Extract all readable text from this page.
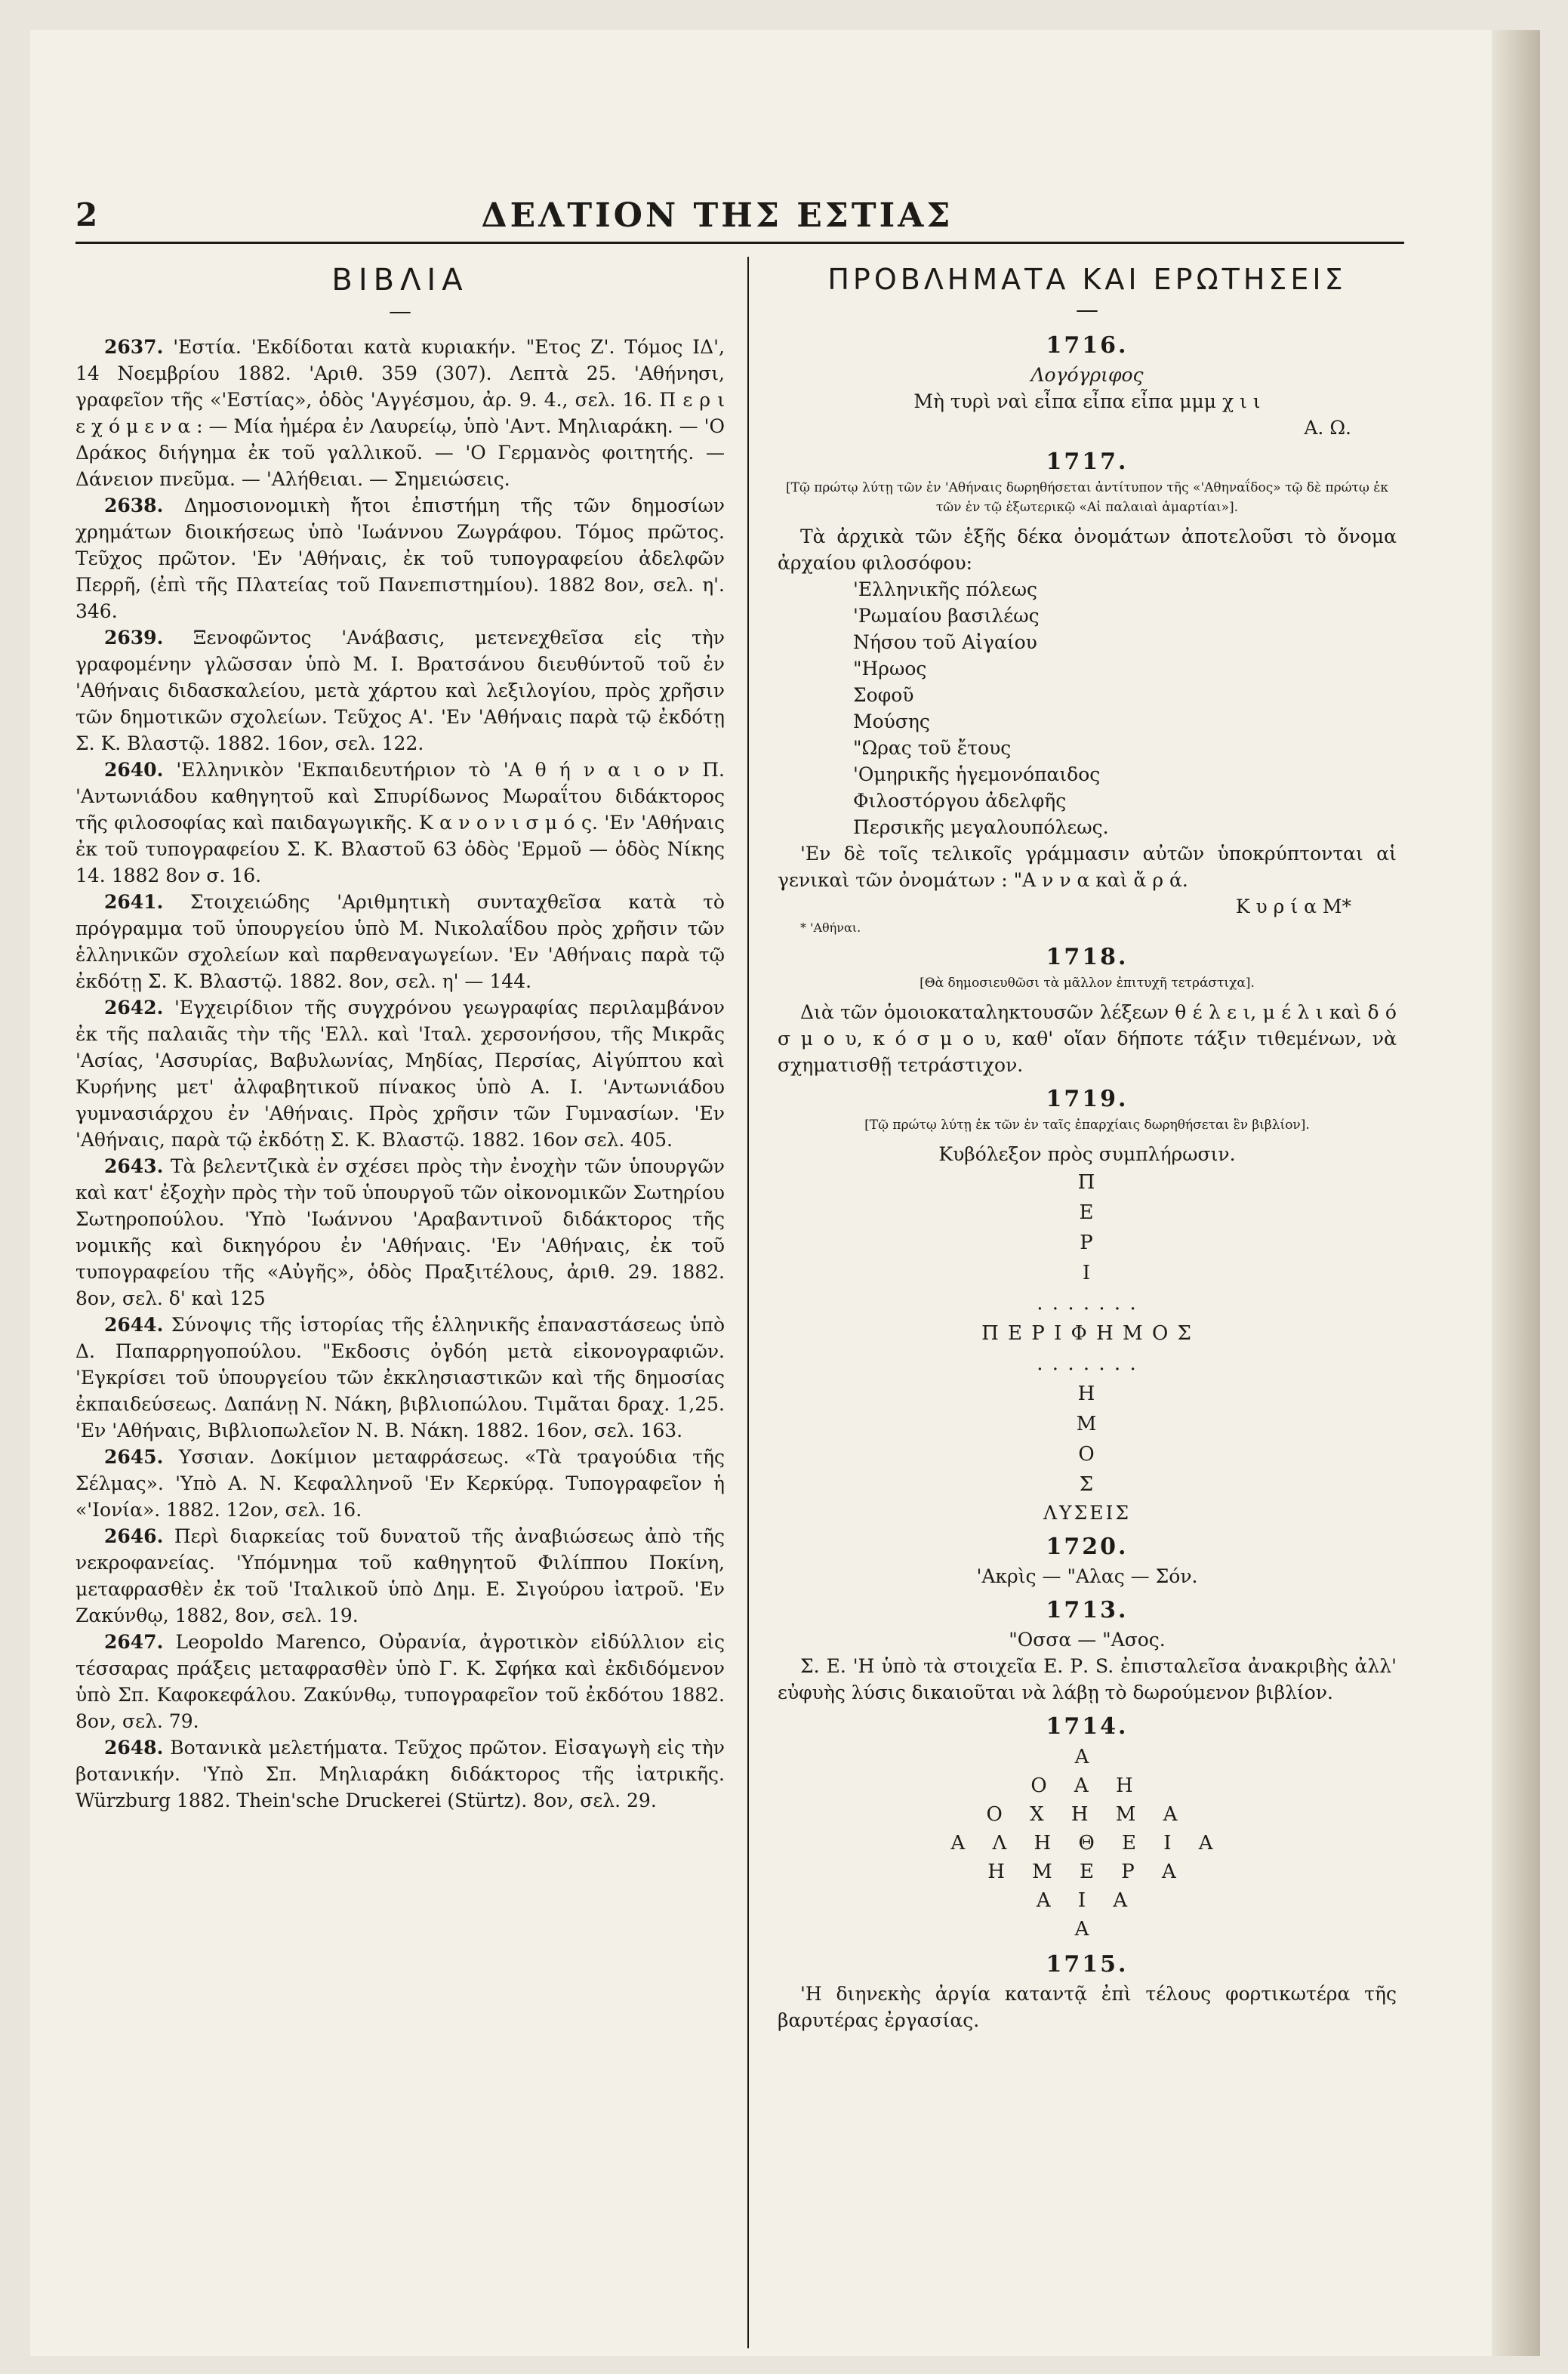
2	ΔΕΛΤΙΟΝ ΤΗΣ ΕΣΤΙΑΣ
ΒΙΒΛΙΑ
—

2637. 'Εστία. 'Εκδίδοται κατὰ κυριακήν. "Ετος Ζ'. Τόμος ΙΔ', 14 Νοεμβρίου 1882. 'Αριθ. 359 (307). Λεπτὰ 25. 'Αθήνησι, γραφεῖον τῆς «'Εστίας», ὁδὸς 'Αγγέσμου, ἀρ. 9. 4., σελ. 16. Π ε ρ ι ε χ ό μ ε ν α : — Μία ἡμέρα ἐν Λαυρείῳ, ὑπὸ 'Αντ. Μηλιαράκη. — 'Ο Δράκος διήγημα ἐκ τοῦ γαλλικοῦ. — 'Ο Γερμανὸς φοιτητής. — Δάνειον πνεῦμα. — 'Αλήθειαι. — Σημειώσεις.

2638. Δημοσιονομικὴ ἤτοι ἐπιστήμη τῆς τῶν δημοσίων χρημάτων διοικήσεως ὑπὸ 'Ιωάννου Ζωγράφου. Τόμος πρῶτος. Τεῦχος πρῶτον. 'Εν 'Αθήναις, ἐκ τοῦ τυπογραφείου ἀδελφῶν Περρῆ, (ἐπὶ τῆς Πλατείας τοῦ Πανεπιστημίου). 1882 8ον, σελ. η'. 346.

2639. Ξενοφῶντος 'Ανάβασις, μετενεχθεῖσα εἰς τὴν γραφομένην γλῶσσαν ὑπὸ Μ. Ι. Βρατσάνου διευθύντοῦ τοῦ ἐν 'Αθήναις διδασκαλείου, μετὰ χάρτου καὶ λεξιλογίου, πρὸς χρῆσιν τῶν δημοτικῶν σχολείων. Τεῦχος Α'. 'Εν 'Αθήναις παρὰ τῷ ἐκδότῃ Σ. Κ. Βλαστῷ. 1882. 16ον, σελ. 122.

2640. 'Ελληνικὸν 'Εκπαιδευτήριον τὸ 'Α θ ή ν α ι ο ν Π. 'Αντωνιάδου καθηγητοῦ καὶ Σπυρίδωνος Μωραΐτου διδάκτορος τῆς φιλοσοφίας καὶ παιδαγωγικῆς. Κ α ν ο ν ι σ μ ό ς. 'Εν 'Αθήναις ἐκ τοῦ τυπογραφείου Σ. Κ. Βλαστοῦ 63 ὁδὸς 'Ερμοῦ — ὁδὸς Νίκης 14. 1882 8ον σ. 16.

2641. Στοιχειώδης 'Αριθμητικὴ συνταχθεῖσα κατὰ τὸ πρόγραμμα τοῦ ὑπουργείου ὑπὸ Μ. Νικολαΐδου πρὸς χρῆσιν τῶν ἑλληνικῶν σχολείων καὶ παρθεναγωγείων. 'Εν 'Αθήναις παρὰ τῷ ἐκδότῃ Σ. Κ. Βλαστῷ. 1882. 8ον, σελ. η' — 144.

2642. 'Εγχειρίδιον τῆς συγχρόνου γεωγραφίας περιλαμβάνον ἐκ τῆς παλαιᾶς τὴν τῆς 'Ελλ. καὶ 'Ιταλ. χερσονήσου, τῆς Μικρᾶς 'Ασίας, 'Ασσυρίας, Βαβυλωνίας, Μηδίας, Περσίας, Αἰγύπτου καὶ Κυρήνης μετ' ἀλφαβητικοῦ πίνακος ὑπὸ Α. Ι. 'Αντωνιάδου γυμνασιάρχου ἐν 'Αθήναις. Πρὸς χρῆσιν τῶν Γυμνασίων. 'Εν 'Αθήναις, παρὰ τῷ ἐκδότῃ Σ. Κ. Βλαστῷ. 1882. 16ον σελ. 405.

2643. Τὰ βελεντζικὰ ἐν σχέσει πρὸς τὴν ἐνοχὴν τῶν ὑπουργῶν καὶ κατ' ἐξοχὴν πρὸς τὴν τοῦ ὑπουργοῦ τῶν οἰκονομικῶν Σωτηρίου Σωτηροπούλου. 'Υπὸ 'Ιωάννου 'Αραβαντινοῦ διδάκτορος τῆς νομικῆς καὶ δικηγόρου ἐν 'Αθήναις. 'Εν 'Αθήναις, ἐκ τοῦ τυπογραφείου τῆς «Αὐγῆς», ὁδὸς Πραξιτέλους, ἀριθ. 29. 1882. 8ον, σελ. δ' καὶ 125

2644. Σύνοψις τῆς ἱστορίας τῆς ἑλληνικῆς ἐπαναστάσεως ὑπὸ Δ. Παπαρρηγοπούλου. "Εκδοσις ὀγδόη μετὰ εἰκονογραφιῶν. 'Εγκρίσει τοῦ ὑπουργείου τῶν ἐκκλησιαστικῶν καὶ τῆς δημοσίας ἐκπαιδεύσεως. Δαπάνῃ Ν. Νάκη, βιβλιοπώλου. Τιμᾶται δραχ. 1,25. 'Εν 'Αθήναις, Βιβλιοπωλεῖον Ν. Β. Νάκη. 1882. 16ον, σελ. 163.

2645. Υσσιαν. Δοκίμιον μεταφράσεως. «Τὰ τραγούδια τῆς Σέλμας». 'Υπὸ Α. Ν. Κεφαλληνοῦ 'Εν Κερκύρᾳ. Τυπογραφεῖον ἡ «'Ιονία». 1882. 12ον, σελ. 16.

2646. Περὶ διαρκείας τοῦ δυνατοῦ τῆς ἀναβιώσεως ἀπὸ τῆς νεκροφανείας. 'Υπόμνημα τοῦ καθηγητοῦ Φιλίππου Ποκίνη, μεταφρασθὲν ἐκ τοῦ 'Ιταλικοῦ ὑπὸ Δημ. Ε. Σιγούρου ἰατροῦ. 'Εν Ζακύνθῳ, 1882, 8ον, σελ. 19.

2647. Leopoldo Marenco, Οὐρανία, ἀγροτικὸν εἰδύλλιον εἰς τέσσαρας πράξεις μεταφρασθὲν ὑπὸ Γ. Κ. Σφήκα καὶ ἐκδιδόμενον ὑπὸ Σπ. Καφοκεφάλου. Ζακύνθῳ, τυπογραφεῖον τοῦ ἐκδότου 1882. 8ον, σελ. 79.

2648. Βοτανικὰ μελετήματα. Τεῦχος πρῶτον. Εἰσαγωγὴ εἰς τὴν βοτανικήν. 'Υπὸ Σπ. Μηλιαράκη διδάκτορος τῆς ἰατρικῆς. Würzburg 1882. Thein'sche Druckerei (Stürtz). 8ον, σελ. 29.

ΠΡΟΒΛΗΜΑΤΑ ΚΑΙ ΕΡΩΤΗΣΕΙΣ
—
1716.

Λογόγριφος

Μὴ τυρὶ ναὶ εἶπα εἶπα εἶπα μμμ χ ι ι

Α. Ω.

1717.

[Τῷ πρώτῳ λύτῃ τῶν ἐν 'Αθήναις δωρηθήσεται ἀντίτυπον τῆς «'Αθηναΐδος» τῷ δὲ πρώτῳ ἐκ τῶν ἐν τῷ ἐξωτερικῷ «Αἱ παλαιαὶ ἁμαρτίαι»].

Τὰ ἀρχικὰ τῶν ἑξῆς δέκα ὀνομάτων ἀποτελοῦσι τὸ ὄνομα ἀρχαίου φιλοσόφου:

'Ελληνικῆς πόλεως
'Ρωμαίου βασιλέως
Νήσου τοῦ Αἰγαίου
"Ηρωος
Σοφοῦ
Μούσης
"Ωρας τοῦ ἔτους
'Ομηρικῆς ἡγεμονόπαιδος
Φιλοστόργου ἀδελφῆς
Περσικῆς μεγαλουπόλεως.

'Εν δὲ τοῖς τελικοῖς γράμμασιν αὐτῶν ὑποκρύπτονται αἱ γενικαὶ τῶν ὀνομάτων : "Α ν ν α καὶ ἄ ρ ά.

Κ υ ρ ί α Μ*

* 'Αθήναι.

1718.

[Θὰ δημοσιευθῶσι τὰ μᾶλλον ἐπιτυχῆ τετράστιχα].

Διὰ τῶν ὁμοιοκαταληκτουσῶν λέξεων θ έ λ ε ι, μ έ λ ι καὶ δ ό σ μ ο υ, κ ό σ μ ο υ, καθ' οἵαν δήποτε τάξιν τιθεμένων, νὰ σχηματισθῇ τετράστιχον.

1719.

[Τῷ πρώτῳ λύτῃ ἐκ τῶν ἐν ταῖς ἐπαρχίαις δωρηθήσεται ἓν βιβλίον].

Κυβόλεξον πρὸς συμπλήρωσιν.

Π

Ε

Ρ

Ι

. . . . . . .

Π Ε Ρ Ι Φ Η Μ Ο Σ

. . . . . . .

Η

Μ

Ο

Σ

ΛΥΣΕΙΣ
1720.

'Ακρὶς — "Αλας — Σόν.

1713.

"Οσσα — "Ασος.

Σ. Ε. 'Η ὑπὸ τὰ στοιχεῖα Ε. Ρ. S. ἐπισταλεῖσα ἀνακριβὴς ἀλλ' εὐφυὴς λύσις δικαιοῦται νὰ λάβῃ τὸ δωρούμενον βιβλίον.

1714.

Α

Ο Α Η

Ο Χ Η Μ Α

Α Λ Η Θ Ε Ι Α

Η Μ Ε Ρ Α

Α Ι Α

Α

1715.

'Η διηνεκὴς ἀργία καταντᾷ ἐπὶ τέλους φορτικωτέρα τῆς βαρυτέρας ἐργασίας.
